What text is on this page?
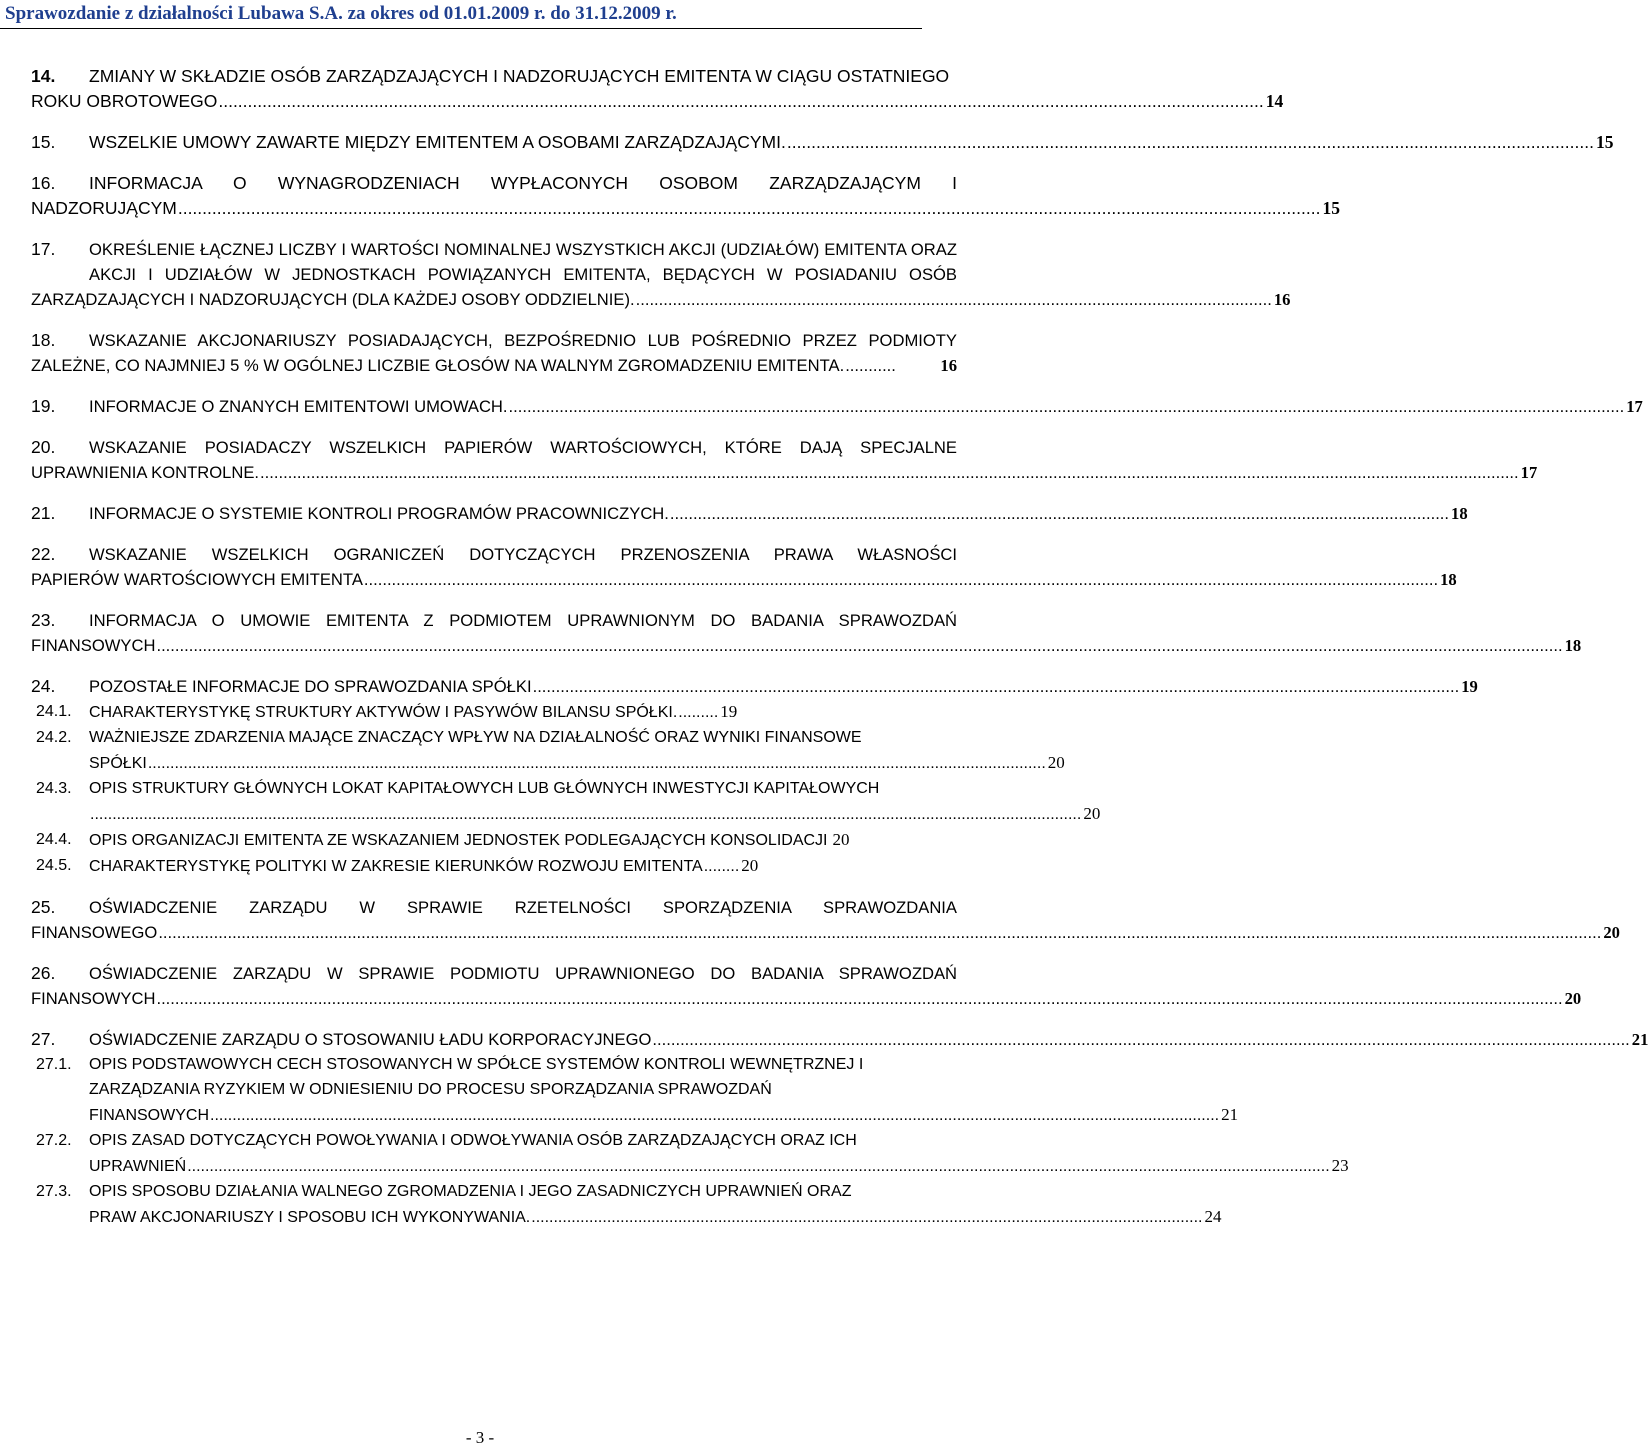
Sprawozdanie z działalności Lubawa S.A. za okres od 01.01.2009 r. do 31.12.2009 r.
14.	ZMIANY W SKŁADZIE OSÓB ZARZĄDZAJĄCYCH I NADZORUJĄCYCH EMITENTA W CIĄGU OSTATNIEGO
ROKU OBROTOWEGO ....................................................................................................................................................................................................................... 14
15.	WSZELKIE UMOWY ZAWARTE MIĘDZY EMITENTEM A OSOBAMI ZARZĄDZAJĄCYMI. ...................................................................................................................................................................... 15
16.	INFORMACJA O WYNAGRODZENIACH WYPŁACONYCH OSOBOM ZARZĄDZAJĄCYM I
NADZORUJĄCYM ........................................................................................................................................................................................................................................... 15
17.	OKREŚLENIE ŁĄCZNEJ LICZBY I WARTOŚCI NOMINALNEJ WSZYSTKICH AKCJI (UDZIAŁÓW) EMITENTA ORAZ AKCJI I UDZIAŁÓW W JEDNOSTKACH POWIĄZANYCH EMITENTA, BĘDĄCYCH W POSIADANIU OSÓB
ZARZĄDZAJĄCYCH I NADZORUJĄCYCH (DLA KAŻDEJ OSOBY ODDZIELNIE). .......................................................................................................................................... 16
18.	WSKAZANIE AKCJONARIUSZY POSIADAJĄCYCH, BEZPOŚREDNIO LUB POŚREDNIO PRZEZ PODMIOTY
ZALEŻNE, CO NAJMNIEJ 5 % W OGÓLNEJ LICZBIE GŁOSÓW NA WALNYM ZGROMADZENIU EMITENTA. ...........	16
19.	INFORMACJE O ZNANYCH EMITENTOWI UMOWACH. .................................................................................................................................................................................................................................................. 17
20.	WSKAZANIE POSIADACZY WSZELKICH PAPIERÓW WARTOŚCIOWYCH, KTÓRE DAJĄ SPECJALNE
UPRAWNIENIA KONTROLNE. ................................................................................................................................................................................................................................................................................. 17
21.	INFORMACJE O SYSTEMIE KONTROLI PROGRAMÓW PRACOWNICZYCH. ......................................................................................................................................................................... 18
22.	WSKAZANIE WSZELKICH OGRANICZEŃ DOTYCZĄCYCH PRZENOSZENIA PRAWA WŁASNOŚCI
PAPIERÓW WARTOŚCIOWYCH EMITENTA ......................................................................................................................................................................................................................................... 18
23.	INFORMACJA O UMOWIE EMITENTA Z PODMIOTEM UPRAWNIONYM DO BADANIA SPRAWOZDAŃ
FINANSOWYCH ................................................................................................................................................................................................................................................................................................................. 18
24.	POZOSTAŁE INFORMACJE DO SPRAWOZDANIA SPÓŁKI ......................................................................................................................................................................................................... 19
24.1.	CHARAKTERYSTYKĘ STRUKTURY AKTYWÓW I PASYWÓW BILANSU SPÓŁKI. ......... 19
24.2.	WAŻNIEJSZE ZDARZENIA MAJĄCE ZNACZĄCY WPŁYW NA DZIAŁALNOŚĆ ORAZ WYNIKI FINANSOWE
SPÓŁKI .......................................................................................................................................................................................................... 20
24.3.	OPIS STRUKTURY GŁÓWNYCH LOKAT KAPITAŁOWYCH LUB GŁÓWNYCH INWESTYCJI KAPITAŁOWYCH
............................................................................................................................................................................................................................... 20
24.4.	OPIS ORGANIZACJI EMITENTA ZE WSKAZANIEM JEDNOSTEK PODLEGAJĄCYCH KONSOLIDACJI 20
24.5.	CHARAKTERYSTYKĘ POLITYKI W ZAKRESIE KIERUNKÓW ROZWOJU EMITENTA ........ 20
25.	OŚWIADCZENIE ZARZĄDU W SPRAWIE RZETELNOŚCI SPORZĄDZENIA SPRAWOZDANIA
FINANSOWEGO ......................................................................................................................................................................................................................................................................................................................... 20
26.	OŚWIADCZENIE ZARZĄDU W SPRAWIE PODMIOTU UPRAWNIONEGO DO BADANIA SPRAWOZDAŃ
FINANSOWYCH ................................................................................................................................................................................................................................................................................................................. 20
27.	OŚWIADCZENIE ZARZĄDU O STOSOWANIU ŁADU KORPORACYJNEGO .................................................................................................................................................................................................................... 21
27.1.	OPIS PODSTAWOWYCH CECH STOSOWANYCH W SPÓŁCE SYSTEMÓW KONTROLI WEWNĘTRZNEJ I ZARZĄDZANIA RYZYKIEM W ODNIESIENIU DO PROCESU SPORZĄDZANIA SPRAWOZDAŃ
FINANSOWYCH ................................................................................................................................................................................................................................... 21
27.2.	OPIS ZASAD DOTYCZĄCYCH POWOŁYWANIA I ODWOŁYWANIA OSÓB ZARZĄDZAJĄCYCH ORAZ ICH
UPRAWNIEŃ ................................................................................................................................................................................................................................................................. 23
27.3.	OPIS SPOSOBU DZIAŁANIA WALNEGO ZGROMADZENIA I JEGO ZASADNICZYCH UPRAWNIEŃ ORAZ
PRAW AKCJONARIUSZY I SPOSOBU ICH WYKONYWANIA. ....................................................................................................................................................... 24
- 3 -
